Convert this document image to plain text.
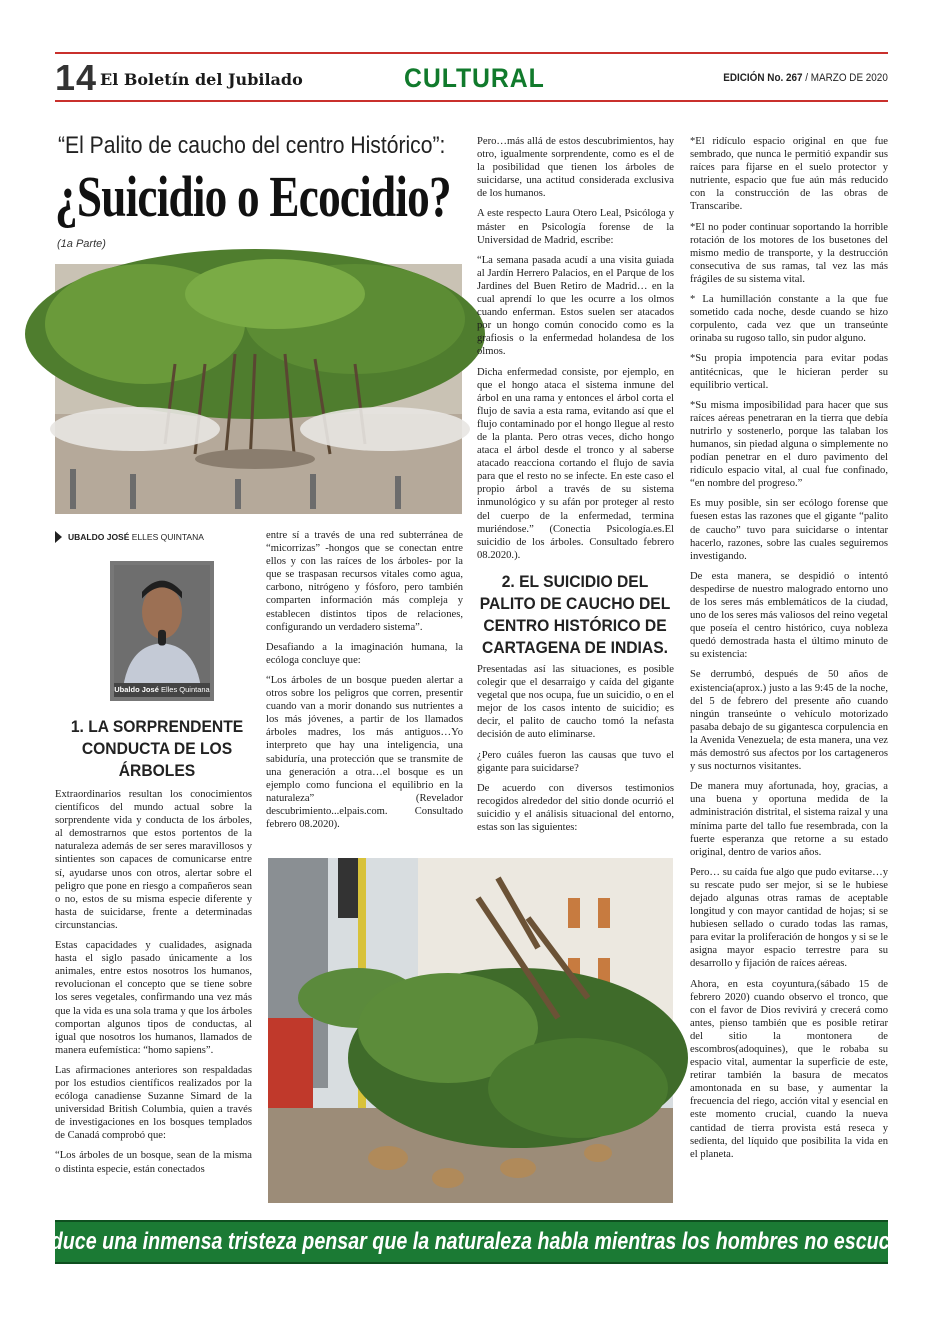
14 El Boletín del Jubilado	CULTURAL	EDICIÓN No. 267 / MARZO DE 2020
“El Palito de caucho del centro Histórico”:
¿Suicidio o Ecocidio?
(1a Parte)
UBALDO JOSÉ ELLES QUINTANA
Ubaldo José Elles Quintana
1. LA SORPRENDENTE CONDUCTA DE LOS ÁRBOLES

Extraordinarios resultan los conocimientos científicos del mundo actual sobre la sorprendente vida y conducta de los árboles, al demostrarnos que estos portentos de la naturaleza además de ser seres maravillosos y sintientes son capaces de comunicarse entre sí, ayudarse unos con otros, alertar sobre el peligro que pone en riesgo a compañeros sean o no, estos de su misma especie diferente y hasta de suicidarse, frente a determinadas circunstancias.

Estas capacidades y cualidades, asignada hasta el siglo pasado únicamente a los animales, entre estos nosotros los humanos, revolucionan el concepto que se tiene sobre los seres vegetales, confirmando una vez más que la vida es una sola trama y que los árboles comportan algunos tipos de conductas, al igual que nosotros los humanos, llamados de manera eufemística: “homo sapiens”.

Las afirmaciones anteriores son respaldadas por los estudios científicos realizados por la ecóloga canadiense Suzanne Simard de la universidad British Columbia, quien a través de investigaciones en los bosques templados de Canadá comprobó que:

“Los árboles de un bosque, sean de la misma o distinta especie, están conectados

entre sí a través de una red subterránea de “micorrizas” -hongos que se conectan entre ellos y con las raíces de los árboles- por la que se traspasan recursos vitales como agua, carbono, nitrógeno y fósforo, pero también comparten información más compleja y establecen distintos tipos de relaciones, configurando un verdadero sistema”.

Desafiando a la imaginación humana, la ecóloga concluye que:

“Los árboles de un bosque pueden alertar a otros sobre los peligros que corren, presentir cuando van a morir donando sus nutrientes a los más jóvenes, a partir de los llamados árboles madres, los más antiguos…Yo interpreto que hay una inteligencia, una sabiduría, una protección que se transmite de una generación a otra…el bosque es un ejemplo como funciona el equilibrio en la naturaleza” (Revelador descubrimiento...elpais.com. Consultado febrero 08.2020).

Pero…más allá de estos descubrimientos, hay otro, igualmente sorprendente, como es el de la posibilidad que tienen los árboles de suicidarse, una actitud considerada exclusiva de los humanos.

A este respecto Laura Otero Leal, Psicóloga y máster en Psicología forense de la Universidad de Madrid, escribe:

“La semana pasada acudí a una visita guiada al Jardín Herrero Palacios, en el Parque de los Jardines del Buen Retiro de Madrid… en la cual aprendí lo que les ocurre a los olmos cuando enferman. Estos suelen ser atacados por un hongo común conocido como es la grafiosis o la enfermedad holandesa de los olmos.

Dicha enfermedad consiste, por ejemplo, en que el hongo ataca el sistema inmune del árbol en una rama y entonces el árbol corta el flujo de savia a esta rama, evitando así que el flujo contaminado por el hongo llegue al resto de la planta. Pero otras veces, dicho hongo ataca el árbol desde el tronco y al saberse atacado reacciona cortando el flujo de savia para que el resto no se infecte. En este caso el propio árbol a través de su sistema inmunológico y su afán por proteger al resto del cuerpo de la enfermedad, termina muriéndose.” (Conectia Psicología.es.El suicidio de los árboles. Consultado febrero 08.2020.).

2. EL SUICIDIO DEL PALITO DE CAUCHO DEL CENTRO HISTÓRICO DE CARTAGENA DE INDIAS.

Presentadas así las situaciones, es posible colegir que el desarraigo y caída del gigante vegetal que nos ocupa, fue un suicidio, o en el mejor de los casos intento de suicidio; es decir, el palito de caucho tomó la nefasta decisión de auto eliminarse.

¿Pero cuáles fueron las causas que tuvo el gigante para suicidarse?

De acuerdo con diversos testimonios recogidos alrededor del sitio donde ocurrió el suicidio y el análisis situacional del entorno, estas son las siguientes:

*El ridículo espacio original en que fue sembrado, que nunca le permitió expandir sus raíces para fijarse en el suelo protector y nutriente, espacio que fue aún más reducido con la construcción de las obras de Transcaribe.

*El no poder continuar soportando la horrible rotación de los motores de los busetones del mismo medio de transporte, y la destrucción consecutiva de sus ramas, tal vez las más frágiles de su sistema vital.

* La humillación constante a la que fue sometido cada noche, desde cuando se hizo corpulento, cada vez que un transeúnte orinaba su rugoso tallo, sin pudor alguno.

*Su propia impotencia para evitar podas antitécnicas, que le hicieran perder su equilibrio vertical.

*Su misma imposibilidad para hacer que sus raíces aéreas penetraran en la tierra que debía nutrirlo y sostenerlo, porque las talaban los humanos, sin piedad alguna o simplemente no podían penetrar en el duro pavimento del ridículo espacio vital, al cual fue confinado, “en nombre del progreso.”

Es muy posible, sin ser ecólogo forense que fuesen estas las razones que el gigante “palito de caucho” tuvo para suicidarse o intentar hacerlo, razones, sobre las cuales seguiremos investigando.

De esta manera, se despidió o intentó despedirse de nuestro malogrado entorno uno de los seres más emblemáticos de la ciudad, uno de los seres más valiosos del reino vegetal que poseía el centro histórico, cuya nobleza quedó demostrada hasta el último minuto de su existencia:

Se derrumbó, después de 50 años de existencia(aprox.) justo a las 9:45 de la noche, del 5 de febrero del presente año cuando ningún transeúnte o vehículo motorizado pasaba debajo de su gigantesca corpulencia en la Avenida Venezuela; de esta manera, una vez más demostró sus afectos por los cartageneros y sus nocturnos visitantes.

De manera muy afortunada, hoy, gracias, a una buena y oportuna medida de la administración distrital, el sistema raizal y una mínima parte del tallo fue resembrada, con la fuerte esperanza que retorne a su estado original, dentro de varios años.

Pero… su caída fue algo que pudo evitarse…y su rescate pudo ser mejor, si se le hubiese dejado algunas otras ramas de aceptable longitud y con mayor cantidad de hojas; si se hubiesen sellado o curado todas las ramas, para evitar la proliferación de hongos y si se le asigna mayor espacio terrestre para su desarrollo y fijación de raíces aéreas.

Ahora, en esta coyuntura,(sábado 15 de febrero 2020) cuando observo el tronco, que con el favor de Dios revivirá y crecerá como antes, pienso también que es posible retirar del sitio la montonera de escombros(adoquines), que le robaba su espacio vital, aumentar la superficie de este, retirar también la basura de mecatos amontonada en su base, y aumentar la frecuencia del riego, acción vital y esencial en este momento crucial, cuando la nueva cantidad de tierra provista está reseca y sedienta, del líquido que posibilita la vida en el planeta.

"Produce una inmensa tristeza pensar que la naturaleza habla mientras los hombres no escuchan”
